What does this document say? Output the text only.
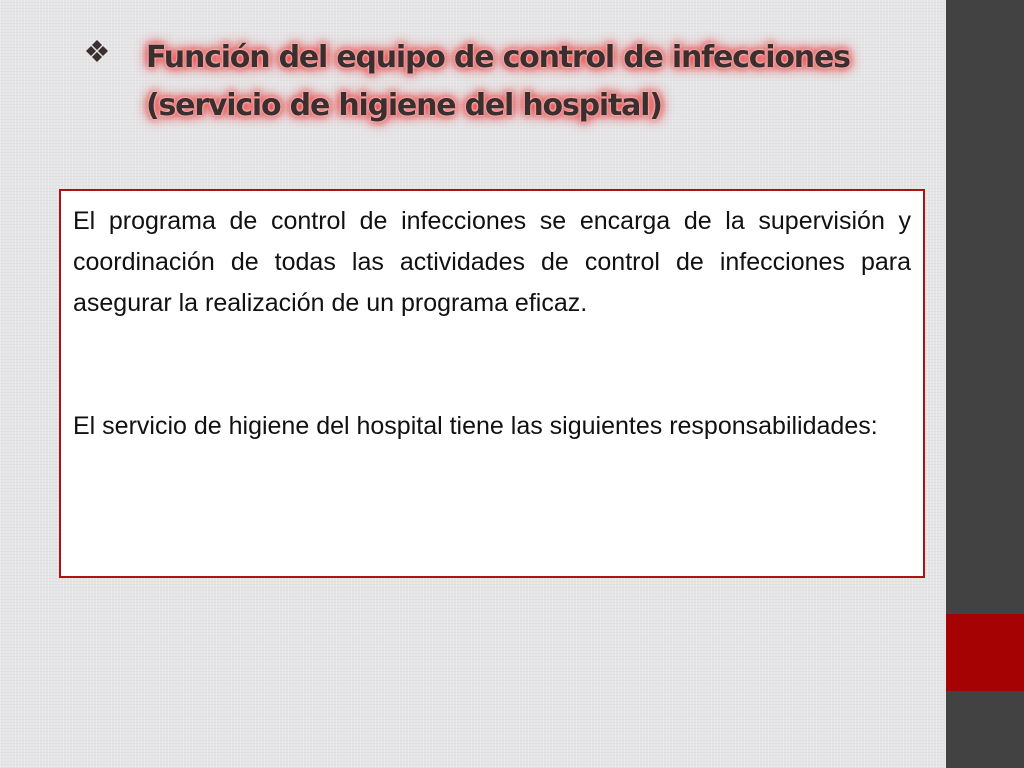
Función del equipo de control de infecciones (servicio de higiene del hospital)

El programa de control de infecciones se encarga de la supervisión y coordinación de todas las actividades de control de infecciones para asegurar la realización de un programa eficaz.

El servicio de higiene del hospital tiene las siguientes responsabilidades:
